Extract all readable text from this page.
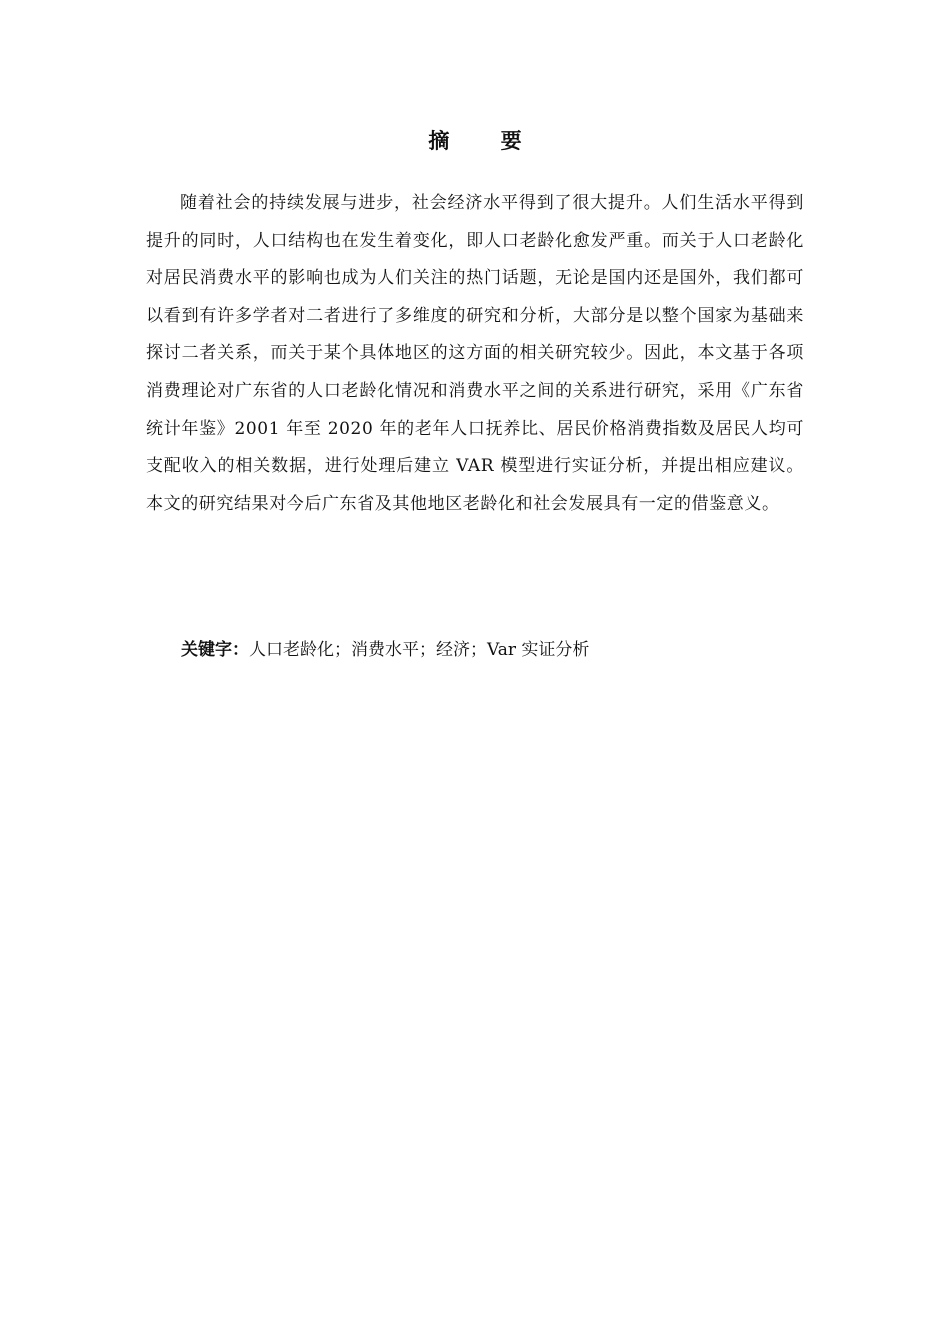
摘 要

随着社会的持续发展与进步，社会经济水平得到了很大提升。人们生活水平得到提升的同时，人口结构也在发生着变化，即人口老龄化愈发严重。而关于人口老龄化对居民消费水平的影响也成为人们关注的热门话题，无论是国内还是国外，我们都可以看到有许多学者对二者进行了多维度的研究和分析，大部分是以整个国家为基础来探讨二者关系，而关于某个具体地区的这方面的相关研究较少。因此，本文基于各项消费理论对广东省的人口老龄化情况和消费水平之间的关系进行研究，采用《广东省统计年鉴》2001 年至 2020 年的老年人口抚养比、居民价格消费指数及居民人均可支配收入的相关数据，进行处理后建立 VAR 模型进行实证分析，并提出相应建议。本文的研究结果对今后广东省及其他地区老龄化和社会发展具有一定的借鉴意义。

关键字：人口老龄化；消费水平；经济；Var 实证分析
